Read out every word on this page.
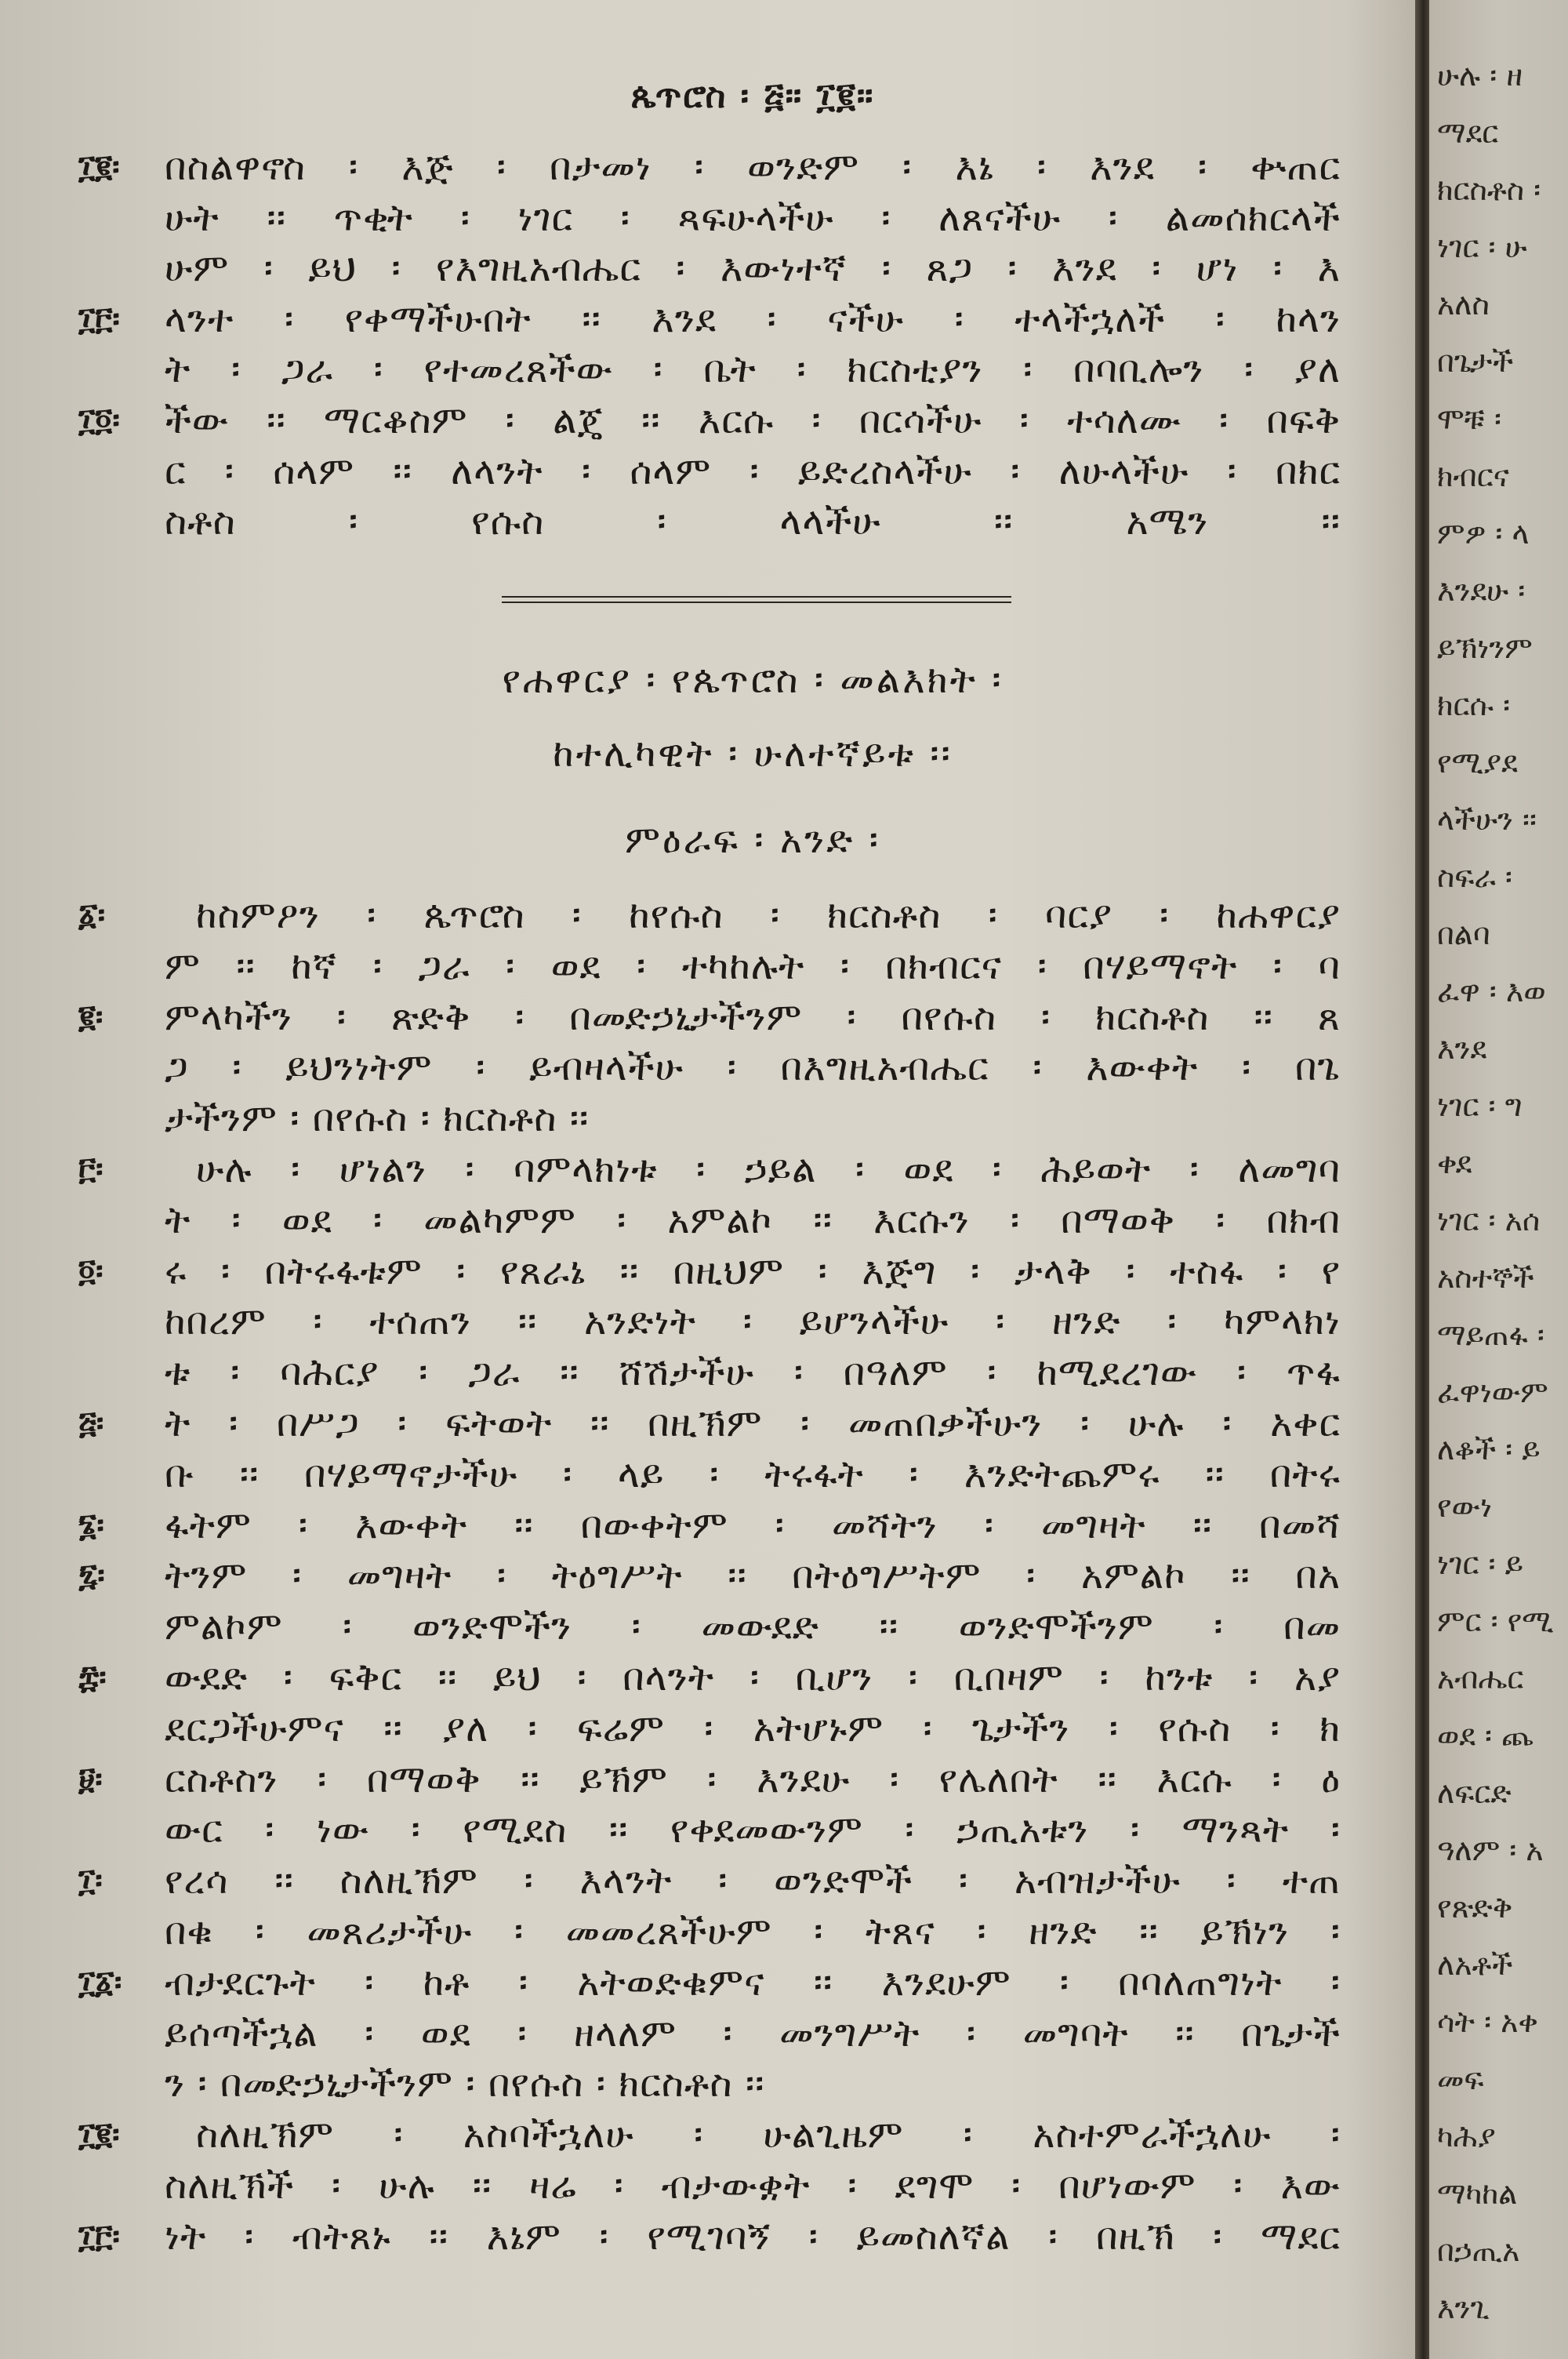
ጴጥሮስ ፡ ፭። ፲፪።
፲፪፡ በስልዋኖስ ፡ እጅ ፡ በታመነ ፡ ወንድም ፡ እኔ ፡ እንደ ፡ ቍጠር
ሁት ፡፡ ጥቂት ፡ ነገር ፡ ጻፍሁላችሁ ፡ ለጸናችሁ ፡ ልመሰክርላች
ሁም ፡ ይህ ፡ የእግዚአብሔር ፡ እውነተኛ ፡ ጸጋ ፡ እንደ ፡ ሆነ ፡ እ
፲፫፡ ላንተ ፡ የቀማችሁበት ፡፡ እንደ ፡ ናችሁ ፡ ተላችኋለች ፡ ከላን
ት ፡ ጋራ ፡ የተመረጸችው ፡ ቤት ፡ ክርስቲያን ፡ በባቢሎን ፡ ያለ
፲፬፡ ችው ፡፡ ማርቆስም ፡ ልጄ ፡፡ እርሱ ፡ በርሳችሁ ፡ ተሳለሙ ፡ በፍቅ
ር ፡ ሰላም ፡፡ ለላንት ፡ ሰላም ፡ ይድረስላችሁ ፡ ለሁላችሁ ፡ በክር
ስቶስ ፡ የሱስ ፡ ላላችሁ ፡፡ አሜን ፡፡
የሐዋርያ ፡ የጴጥሮስ ፡ መልእክት ፡
ከተሊካዊት ፡ ሁለተኛይቱ ፡፡
ምዕራፍ ፡ አንድ ፡
፩፡ ከስምዖን ፡ ጴጥሮስ ፡ ከየሱስ ፡ ክርስቶስ ፡ ባርያ ፡ ከሐዋርያ
ም ፡፡ ከኛ ፡ ጋራ ፡ ወደ ፡ ተካከሉት ፡ በክብርና ፡ በሃይማኖት ፡ ባ
፪፡ ምላካችን ፡ ጽድቅ ፡ በመድኃኒታችንም ፡ በየሱስ ፡ ክርስቶስ ፡፡ ጸ
ጋ ፡ ይህንነትም ፡ ይብዛላችሁ ፡ በእግዚአብሔር ፡ እውቀት ፡ በጌ
ታችንም ፡ በየሱስ ፡ ክርስቶስ ፡፡
፫፡ ሁሉ ፡ ሆነልን ፡ ባምላክነቱ ፡ ኃይል ፡ ወደ ፡ ሕይወት ፡ ለመግባ
ት ፡ ወደ ፡ መልካምም ፡ አምልኮ ፡፡ እርሱን ፡ በማወቅ ፡ በክብ
፬፡ ሩ ፡ በትሩፋቱም ፡ የጸራኔ ፡፡ በዚህም ፡ እጅግ ፡ ታላቅ ፡ ተስፋ ፡ የ
ከበረም ፡ ተሰጠን ፡፡ አንድነት ፡ ይሆንላችሁ ፡ ዘንድ ፡ ካምላክነ
ቱ ፡ ባሕርያ ፡ ጋራ ፡፡ ሸሽታችሁ ፡ በዓለም ፡ ከሚደረገው ፡ ጥፋ
፭፡ ት ፡ በሥጋ ፡ ፍትወት ፡፡ በዚኽም ፡ መጠበቃችሁን ፡ ሁሉ ፡ አቀር
ቡ ፡፡ በሃይማኖታችሁ ፡ ላይ ፡ ትሩፋት ፡ እንድትጨምሩ ፡፡ በትሩ
፮፡ ፋትም ፡ እውቀት ፡፡ በውቀትም ፡ መሻትን ፡ መግዛት ፡፡ በመሻ
፯፡ ትንም ፡ መግዛት ፡ ትዕግሥት ፡፡ በትዕግሥትም ፡ አምልኮ ፡፡ በአ
ምልኮም ፡ ወንድሞችን ፡ መውደድ ፡፡ ወንድሞችንም ፡ በመ
፰፡ ውደድ ፡ ፍቅር ፡፡ ይህ ፡ በላንት ፡ ቢሆን ፡ ቢበዛም ፡ ከንቱ ፡ አያ
ደርጋችሁምና ፡፡ ያለ ፡ ፍሬም ፡ አትሆኑም ፡ ጌታችን ፡ የሱስ ፡ ክ
፱፡ ርስቶስን ፡ በማወቅ ፡፡ ይኽም ፡ እንደሁ ፡ የሌለበት ፡፡ እርሱ ፡ ዕ
ውር ፡ ነው ፡ የሚደስ ፡፡ የቀደመውንም ፡ ኃጢአቱን ፡ ማንጻት ፡
፲፡ የረሳ ፡፡ ስለዚኽም ፡ እላንት ፡ ወንድሞች ፡ አብዝታችሁ ፡ ተጠ
በቁ ፡ መጸሪታችሁ ፡ መመረጸችሁም ፡ ትጸና ፡ ዘንድ ፡፡ ይኽነን ፡
፲፩፡ ብታደርጉት ፡ ከቶ ፡ አትወድቁምና ፡፡ እንደሁም ፡ በባለጠግነት ፡
ይሰጣችኋል ፡ ወደ ፡ ዘላለም ፡ መንግሥት ፡ መግባት ፡፡ በጌታች
ን ፡ በመድኃኒታችንም ፡ በየሱስ ፡ ክርስቶስ ፡፡
፲፪፡ ስለዚኽም ፡ አስባችኋለሁ ፡ ሁልጊዜም ፡ አስተምራችኋለሁ ፡
ስለዚኽች ፡ ሁሉ ፡፡ ዛሬ ፡ ብታውቋት ፡ ደግሞ ፡ በሆነውም ፡ እው
፲፫፡ ነት ፡ ብትጸኑ ፡፡ እኔም ፡ የሚገባኝ ፡ ይመስለኛል ፡ በዚኽ ፡ ማደር
ሁሉ ፡ ዘ
ማደር
ክርስቶስ ፡
ነገር ፡ ሁ
አለስ
በጌታች
ሞቹ ፡
ክብርና
ምዎ ፡ ላ
እንደሁ ፡
ይኽነንም
ክርሱ ፡
የሚያደ
ላችሁን ፡፡
ስፍራ ፡
በልባ
ፈዋ ፡ እወ
እንደ
ነገር ፡ ግ
ቀደ
ነገር ፡ አሰ
አስተኞች
ማይጠፋ ፡
ፈዋነውም
ለቆች ፡ ይ
የውነ
ነገር ፡ ይ
ምር ፡ የሚ
አብሔር
ወደ ፡ ጨ
ለፍርድ
ዓለም ፡ አ
የጽድቅ
ለአቶች
ሳት ፡ አቀ
መፍ
ካሕያ
ማካከል
በኃጢአ
እንጊ
